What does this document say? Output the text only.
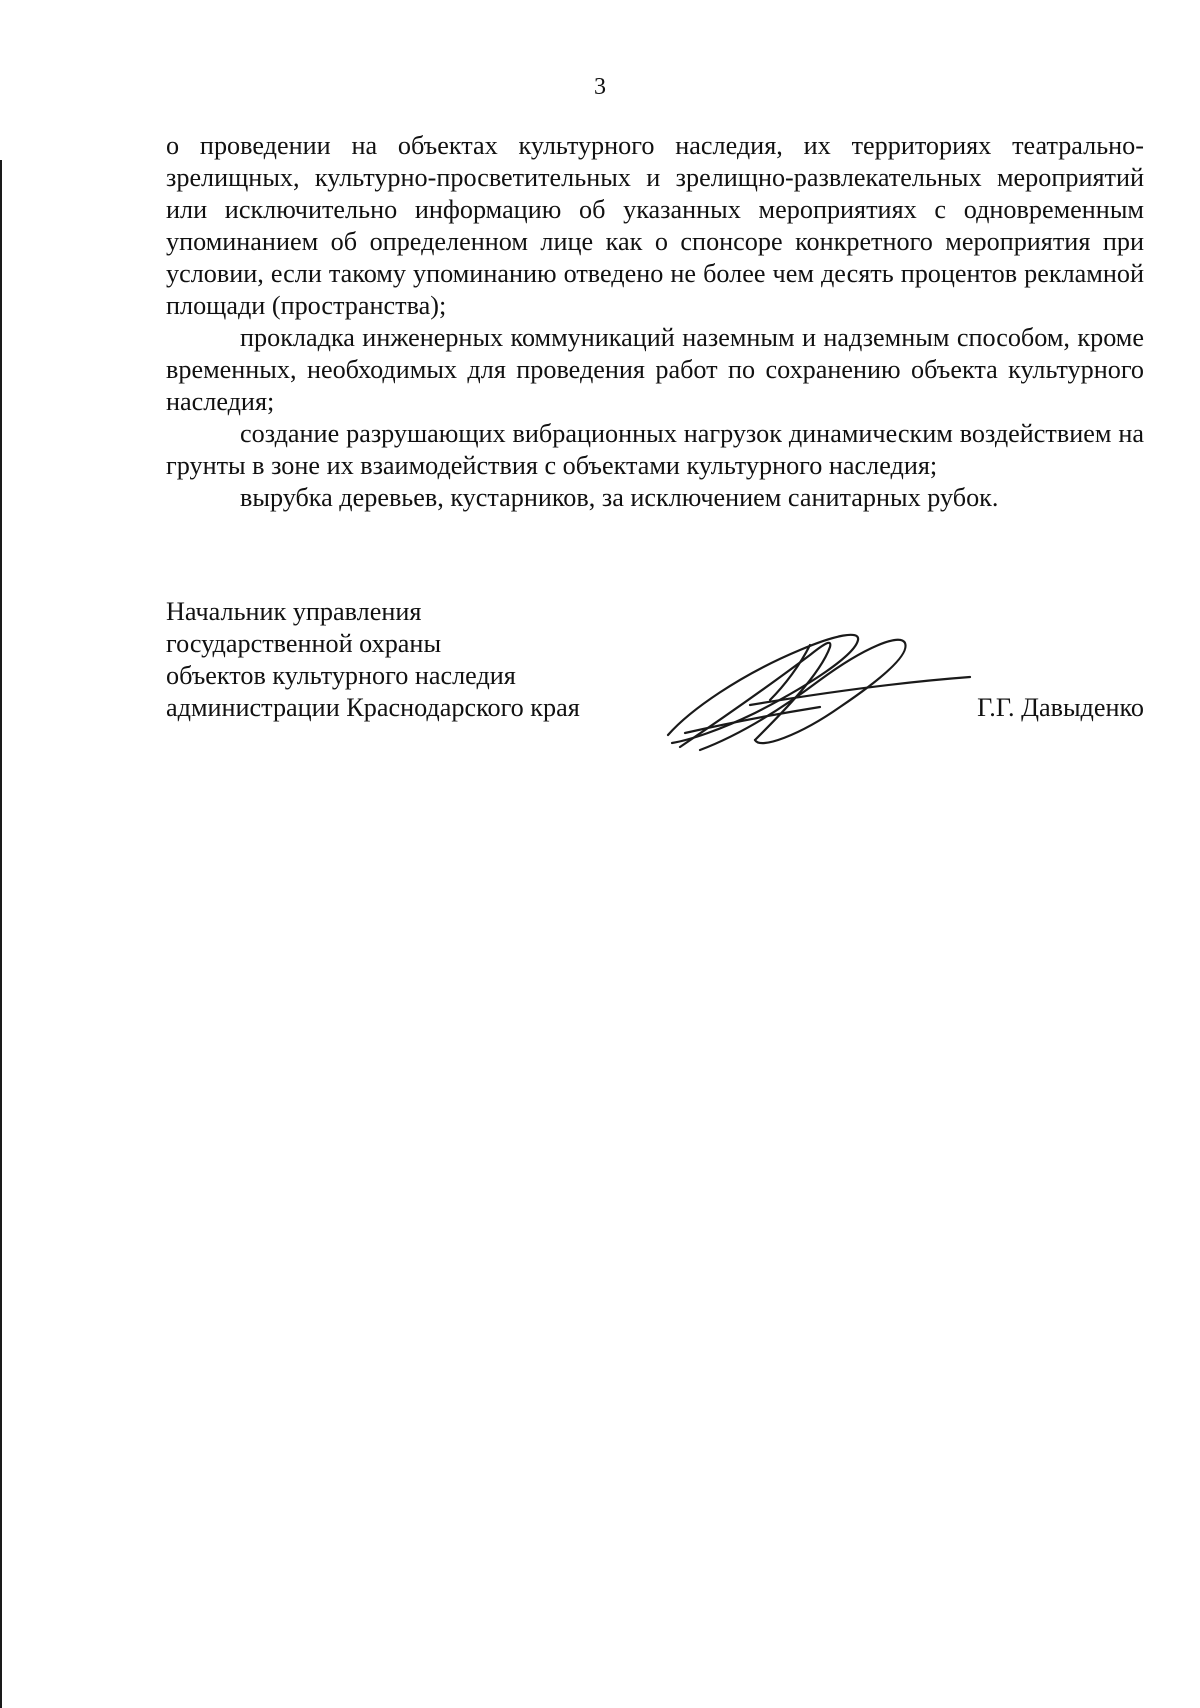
3

о проведении на объектах культурного наследия, их территориях театрально-зрелищных, культурно-просветительных и зрелищно-развлекательных мероприятий или исключительно информацию об указанных мероприятиях с одновременным упоминанием об определенном лице как о спонсоре конкретного мероприятия при условии, если такому упоминанию отведено не более чем десять процентов рекламной площади (пространства);

прокладка инженерных коммуникаций наземным и надземным способом, кроме временных, необходимых для проведения работ по сохранению объекта культурного наследия;

создание разрушающих вибрационных нагрузок динамическим воздействием на грунты в зоне их взаимодействия с объектами культурного наследия;

вырубка деревьев, кустарников, за исключением санитарных рубок.

Начальник управления
государственной охраны
объектов культурного наследия
администрации Краснодарского края	Г.Г. Давыденко
